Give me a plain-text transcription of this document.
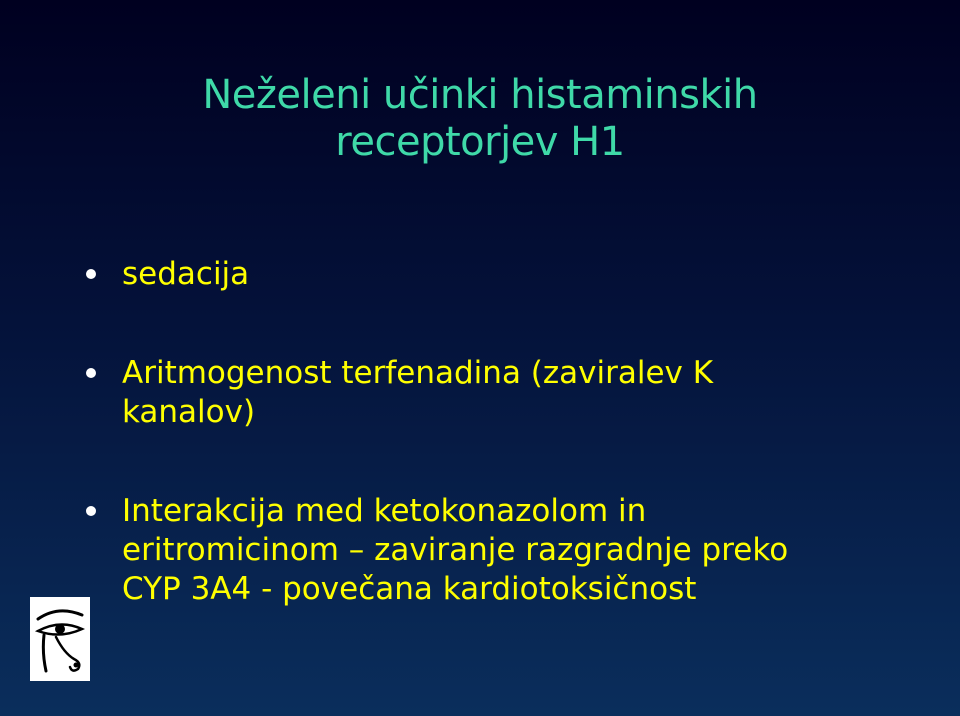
Neželeni učinki histaminskih
receptorjev H1
sedacija
Aritmogenost terfenadina (zaviralev K
kanalov)
Interakcija med ketokonazolom in
eritromicinom – zaviranje razgradnje preko
CYP 3A4 - povečana kardiotoksičnost
